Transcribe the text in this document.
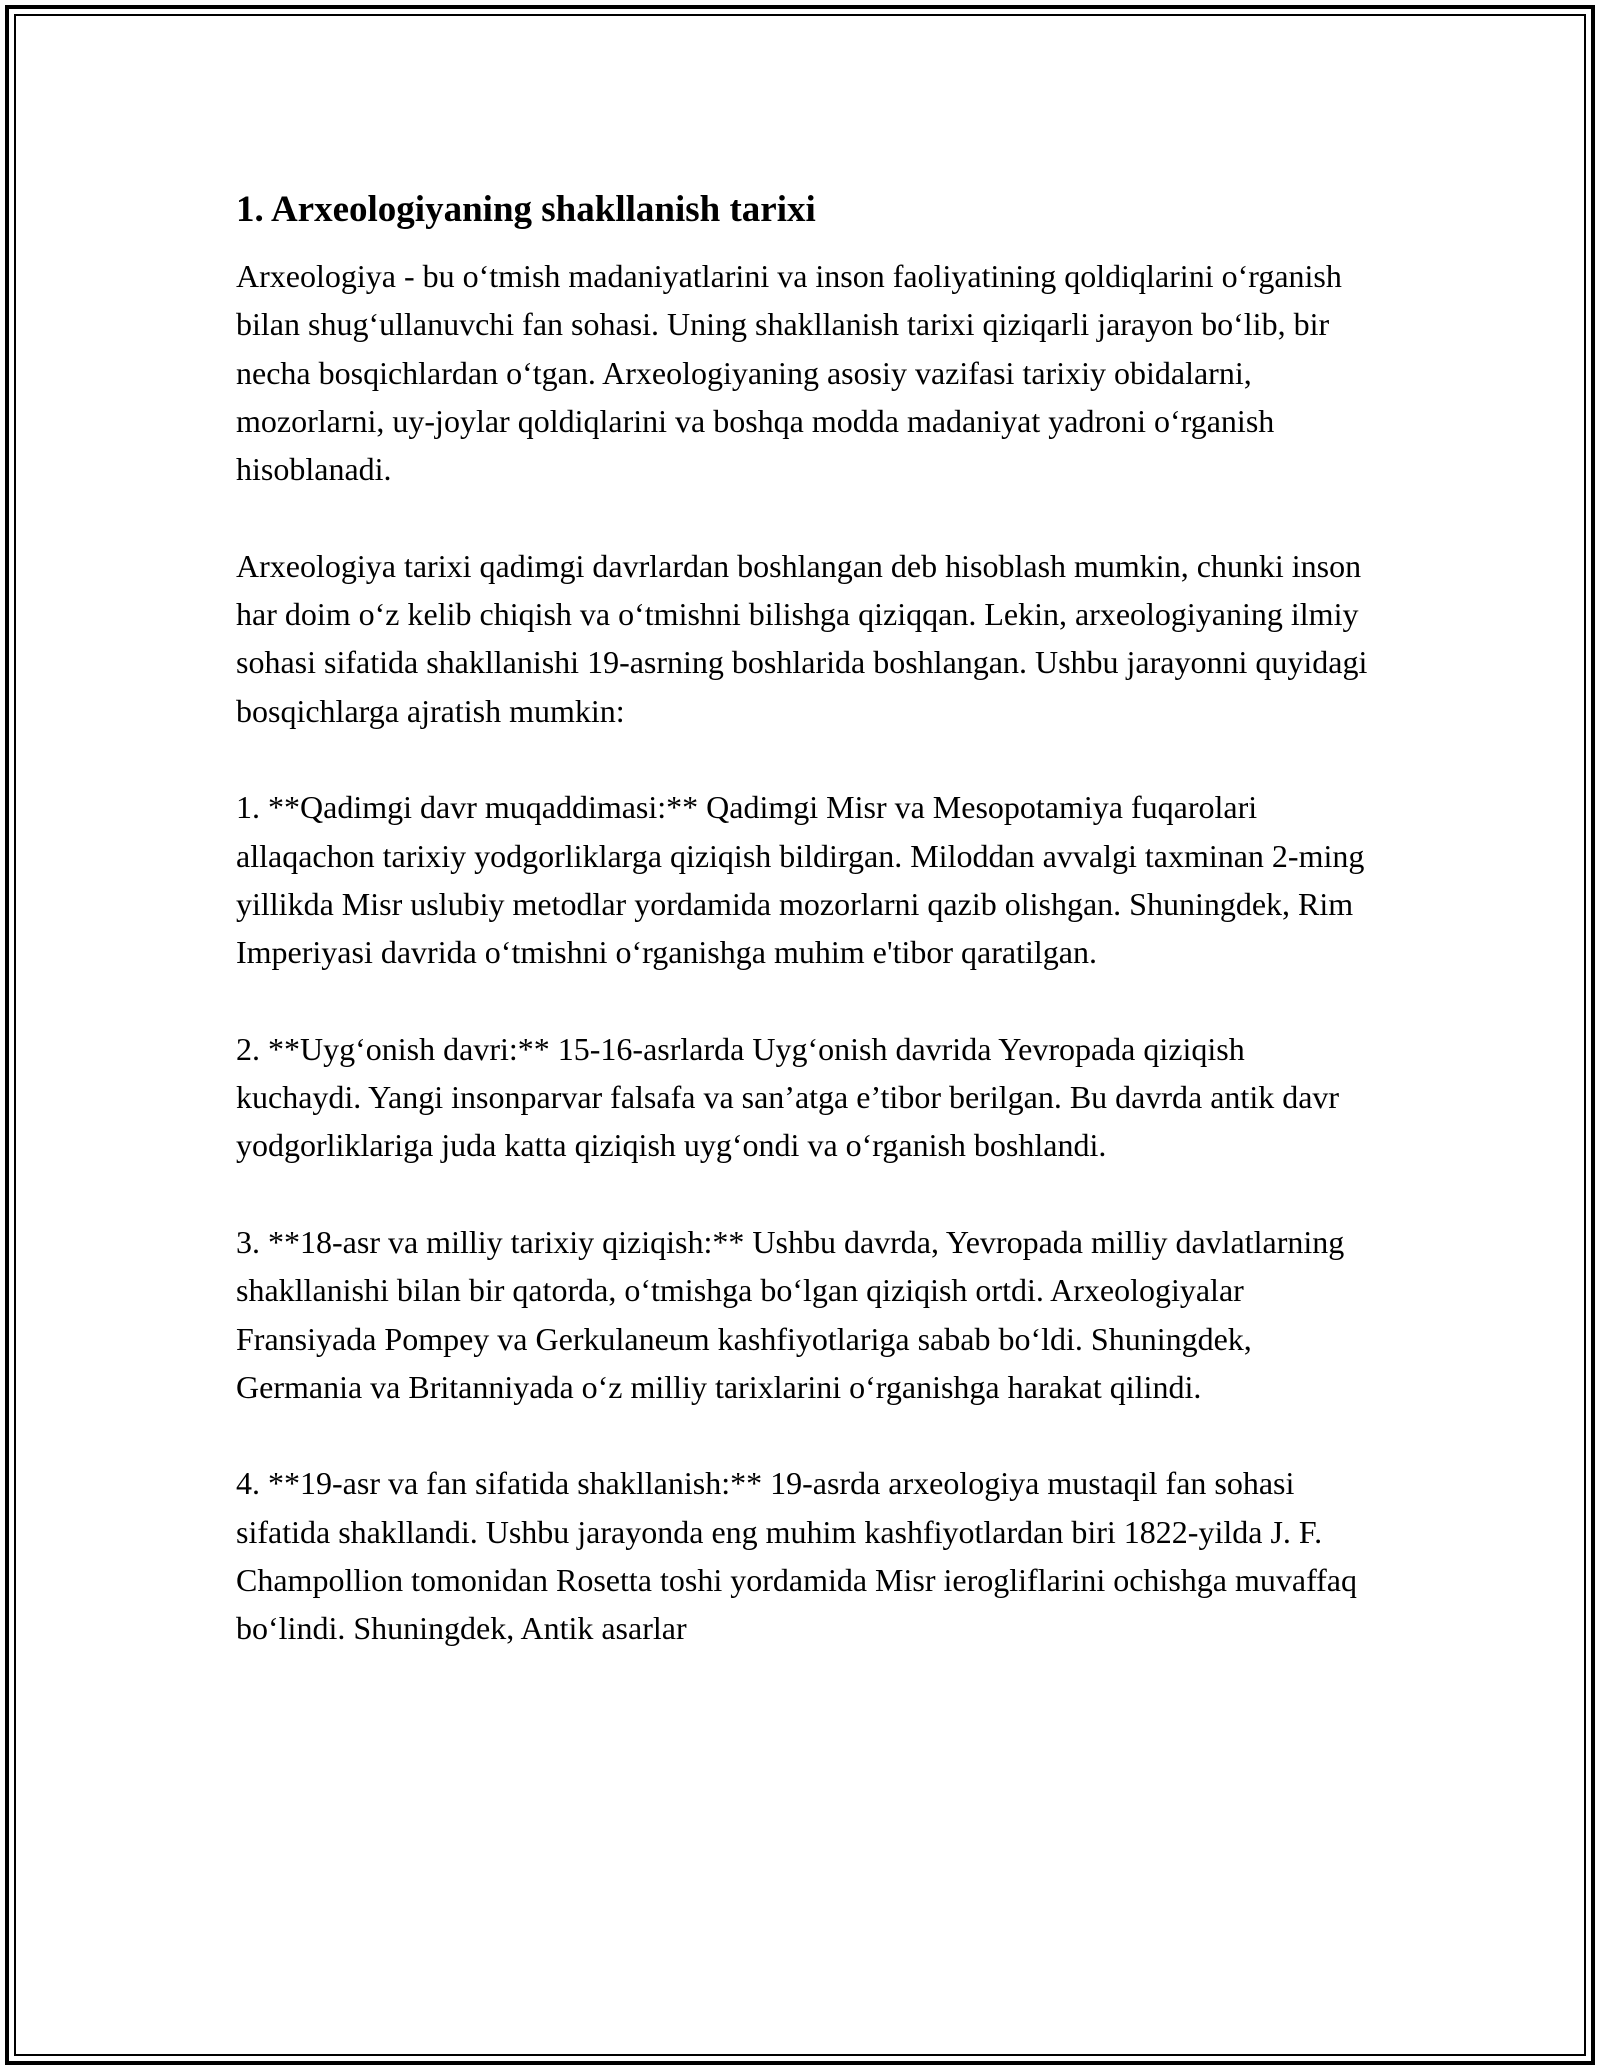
1. Arxeologiyaning shakllanish tarixi

Arxeologiya - bu o‘tmish madaniyatlarini va inson faoliyatining qoldiqlarini o‘rganish bilan shug‘ullanuvchi fan sohasi. Uning shakllanish tarixi qiziqarli jarayon bo‘lib, bir necha bosqichlardan o‘tgan. Arxeologiyaning asosiy vazifasi tarixiy obidalarni, mozorlarni, uy-joylar qoldiqlarini va boshqa modda madaniyat yadroni o‘rganish hisoblanadi.

Arxeologiya tarixi qadimgi davrlardan boshlangan deb hisoblash mumkin, chunki inson har doim o‘z kelib chiqish va o‘tmishni bilishga qiziqqan. Lekin, arxeologiyaning ilmiy sohasi sifatida shakllanishi 19-asrning boshlarida boshlangan. Ushbu jarayonni quyidagi bosqichlarga ajratish mumkin:

1. **Qadimgi davr muqaddimasi:** Qadimgi Misr va Mesopotamiya fuqarolari allaqachon tarixiy yodgorliklarga qiziqish bildirgan. Miloddan avvalgi taxminan 2-ming yillikda Misr uslubiy metodlar yordamida mozorlarni qazib olishgan. Shuningdek, Rim Imperiyasi davrida o‘tmishni o‘rganishga muhim e'tibor qaratilgan.

2. **Uyg‘onish davri:** 15-16-asrlarda Uyg‘onish davrida Yevropada qiziqish kuchaydi. Yangi insonparvar falsafa va san’atga e’tibor berilgan. Bu davrda antik davr yodgorliklariga juda katta qiziqish uyg‘ondi va o‘rganish boshlandi.

3. **18-asr va milliy tarixiy qiziqish:** Ushbu davrda, Yevropada milliy davlatlarning shakllanishi bilan bir qatorda, o‘tmishga bo‘lgan qiziqish ortdi. Arxeologiyalar Fransiyada Pompey va Gerkulaneum kashfiyotlariga sabab bo‘ldi. Shuningdek, Germania va Britanniyada o‘z milliy tarixlarini o‘rganishga harakat qilindi.

4. **19-asr va fan sifatida shakllanish:** 19-asrda arxeologiya mustaqil fan sohasi sifatida shakllandi. Ushbu jarayonda eng muhim kashfiyotlardan biri 1822-yilda J. F. Champollion tomonidan Rosetta toshi yordamida Misr ierogliflarini ochishga muvaffaq bo‘lindi. Shuningdek, Antik asarlar
